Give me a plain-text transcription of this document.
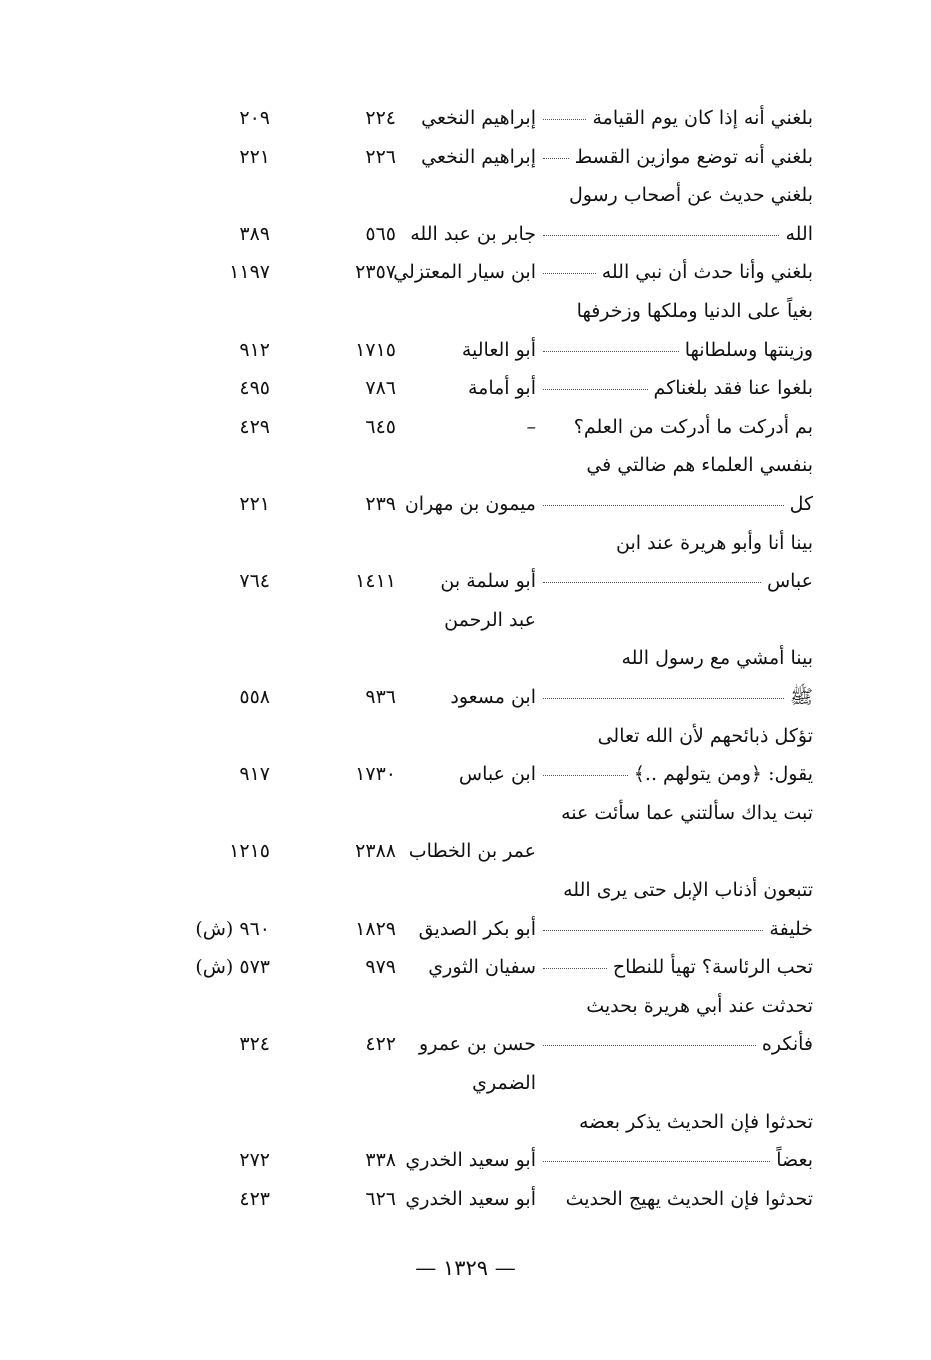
بلغني أنه إذا كان يوم القيامة
إبراهيم النخعي
٢٢٤
٢٠٩
بلغني أنه توضع موازين القسط
إبراهيم النخعي
٢٢٦
٢٢١
بلغني حديث عن أصحاب رسول
الله
جابر بن عبد الله
٥٦٥
٣٨٩
بلغني وأنا حدث أن نبي الله
ابن سيار المعتزلي
٢٣٥٧
١١٩٧
بغياً على الدنيا وملكها وزخرفها
وزينتها وسلطانها
أبو العالية
١٧١٥
٩١٢
بلغوا عنا فقد بلغناكم
أبو أمامة
٧٨٦
٤٩٥
بم أدركت ما أدركت من العلم؟
–
٦٤٥
٤٢٩
بنفسي العلماء هم ضالتي في
كل
ميمون بن مهران
٢٣٩
٢٢١
بينا أنا وأبو هريرة عند ابن
عباس
أبو سلمة بن
١٤١١
٧٦٤
عبد الرحمن
بينا أمشي مع رسول الله
ﷺ
ابن مسعود
٩٣٦
٥٥٨
تؤكل ذبائحهم لأن الله تعالى
يقول: ﴿ومن يتولهم ..﴾
ابن عباس
١٧٣٠
٩١٧
تبت يداك سألتني عما سأئت عنه
عمر بن الخطاب
٢٣٨٨
١٢١٥
تتبعون أذناب الإبل حتى يرى الله
خليفة
أبو بكر الصديق
١٨٢٩
٩٦٠ (ش)
تحب الرئاسة؟ تهيأ للنطاح
سفيان الثوري
٩٧٩
٥٧٣ (ش)
تحدثت عند أبي هريرة بحديث
فأنكره
حسن بن عمرو
٤٢٢
٣٢٤
الضمري
تحدثوا فإن الحديث يذكر بعضه
بعضاً
أبو سعيد الخدري
٣٣٨
٢٧٢
تحدثوا فإن الحديث يهيج الحديث
أبو سعيد الخدري
٦٢٦
٤٢٣
— ١٣٢٩ —
